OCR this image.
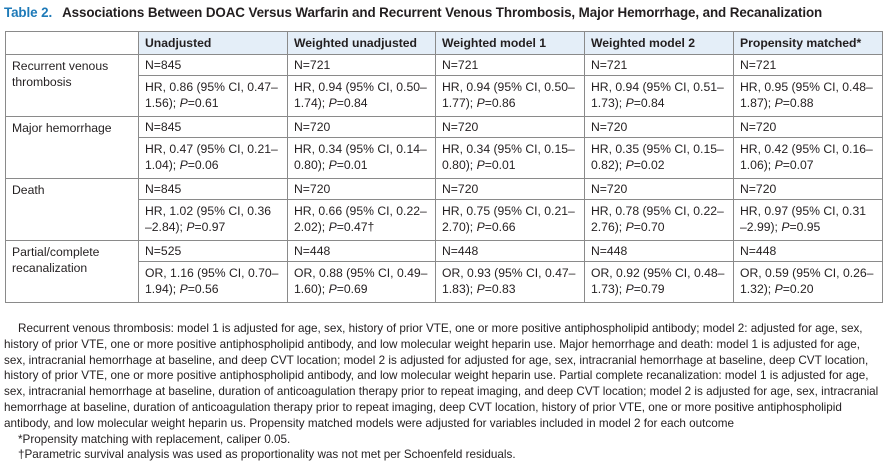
Table 2. Associations Between DOAC Versus Warfarin and Recurrent Venous Thrombosis, Major Hemorrhage, and Recanalization
	Unadjusted	Weighted unadjusted	Weighted model 1	Weighted model 2	Propensity matched*
Recurrent venous thrombosis	N=845	N=721	N=721	N=721	N=721
	HR, 0.86 (95% CI, 0.47–1.56); P=0.61	HR, 0.94 (95% CI, 0.50–1.74); P=0.84	HR, 0.94 (95% CI, 0.50–1.77); P=0.86	HR, 0.94 (95% CI, 0.51–1.73); P=0.84	HR, 0.95 (95% CI, 0.48–1.87); P=0.88
Major hemorrhage	N=845	N=720	N=720	N=720	N=720
	HR, 0.47 (95% CI, 0.21–1.04); P=0.06	HR, 0.34 (95% CI, 0.14–0.80); P=0.01	HR, 0.34 (95% CI, 0.15–0.80); P=0.01	HR, 0.35 (95% CI, 0.15–0.82); P=0.02	HR, 0.42 (95% CI, 0.16–1.06); P=0.07
Death	N=845	N=720	N=720	N=720	N=720
	HR, 1.02 (95% CI, 0.36 –2.84); P=0.97	HR, 0.66 (95% CI, 0.22–2.02); P=0.47†	HR, 0.75 (95% CI, 0.21–2.70); P=0.66	HR, 0.78 (95% CI, 0.22–2.76); P=0.70	HR, 0.97 (95% CI, 0.31 –2.99); P=0.95
Partial/complete recanalization	N=525	N=448	N=448	N=448	N=448
	OR, 1.16 (95% CI, 0.70–1.94); P=0.56	OR, 0.88 (95% CI, 0.49–1.60); P=0.69	OR, 0.93 (95% CI, 0.47–1.83); P=0.83	OR, 0.92 (95% CI, 0.48–1.73); P=0.79	OR, 0.59 (95% CI, 0.26–1.32); P=0.20

Recurrent venous thrombosis: model 1 is adjusted for age, sex, history of prior VTE, one or more positive antiphospholipid antibody; model 2: adjusted for age, sex, history of prior VTE, one or more positive antiphospholipid antibody, and low molecular weight heparin use. Major hemorrhage and death: model 1 is adjusted for age, sex, intracranial hemorrhage at baseline, and deep CVT location; model 2 is adjusted for adjusted for age, sex, intracranial hemorrhage at baseline, deep CVT location, history of prior VTE, one or more positive antiphospholipid antibody, and low molecular weight heparin use. Partial complete recanalization: model 1 is adjusted for age, sex, intracranial hemorrhage at baseline, duration of anticoagulation therapy prior to repeat imaging, and deep CVT location; model 2 is adjusted for age, sex, intracranial hemorrhage at baseline, duration of anticoagulation therapy prior to repeat imaging, deep CVT location, history of prior VTE, one or more positive antiphospholipid antibody, and low molecular weight heparin us. Propensity matched models were adjusted for variables included in model 2 for each outcome

*Propensity matching with replacement, caliper 0.05.

†Parametric survival analysis was used as proportionality was not met per Schoenfeld residuals.
